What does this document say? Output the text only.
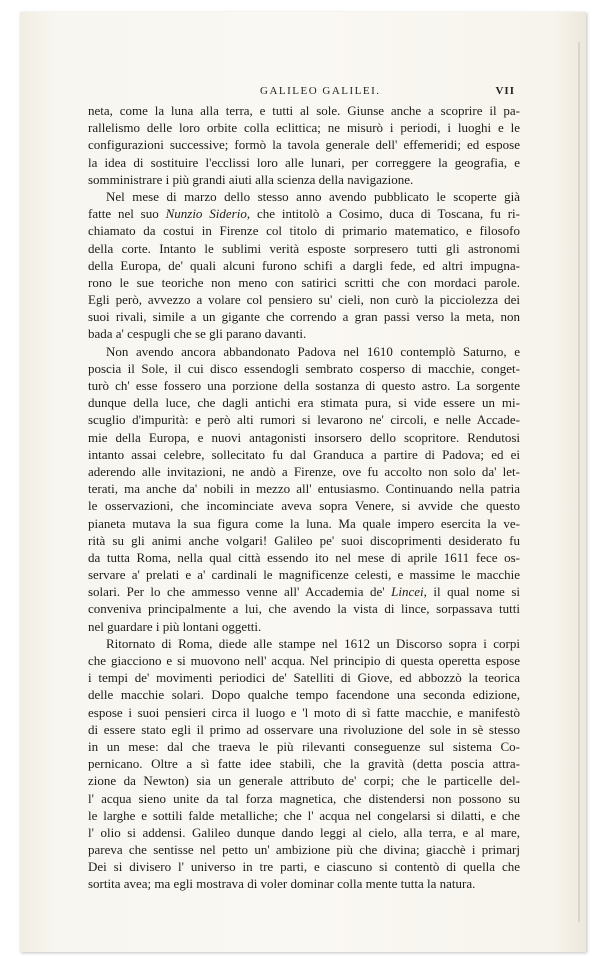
GALILEO GALILEI.	VII
neta, come la luna alla terra, e tutti al sole. Giunse anche a scoprire il pa-
rallelismo delle loro orbite colla eclittica; ne misurò i periodi, i luoghi e le
configurazioni successive; formò la tavola generale dell' effemeridi; ed espose
la idea di sostituire l'ecclissi loro alle lunari, per correggere la geografia, e
somministrare i più grandi aiuti alla scienza della navigazione.
Nel mese di marzo dello stesso anno avendo pubblicato le scoperte già
fatte nel suo Nunzio Siderio, che intitolò a Cosimo, duca di Toscana, fu ri-
chiamato da costui in Firenze col titolo di primario matematico, e filosofo
della corte. Intanto le sublimi verità esposte sorpresero tutti gli astronomi
della Europa, de' quali alcuni furono schifi a dargli fede, ed altri impugna-
rono le sue teoriche non meno con satirici scritti che con mordaci parole.
Egli però, avvezzo a volare col pensiero su' cieli, non curò la picciolezza dei
suoi rivali, simile a un gigante che correndo a gran passi verso la meta, non
bada a' cespugli che se gli parano davanti.
Non avendo ancora abbandonato Padova nel 1610 contemplò Saturno, e
poscia il Sole, il cui disco essendogli sembrato cosperso di macchie, conget-
turò ch' esse fossero una porzione della sostanza di questo astro. La sorgente
dunque della luce, che dagli antichi era stimata pura, si vide essere un mi-
scuglio d'impurità: e però alti rumori si levarono ne' circoli, e nelle Accade-
mie della Europa, e nuovi antagonisti insorsero dello scopritore. Rendutosi
intanto assai celebre, sollecitato fu dal Granduca a partire di Padova; ed ei
aderendo alle invitazioni, ne andò a Firenze, ove fu accolto non solo da' let-
terati, ma anche da' nobili in mezzo all' entusiasmo. Continuando nella patria
le osservazioni, che incominciate aveva sopra Venere, si avvide che questo
pianeta mutava la sua figura come la luna. Ma quale impero esercita la ve-
rità su gli animi anche volgari! Galileo pe' suoi discoprimenti desiderato fu
da tutta Roma, nella qual città essendo ito nel mese di aprile 1611 fece os-
servare a' prelati e a' cardinali le magnificenze celesti, e massime le macchie
solari. Per lo che ammesso venne all' Accademia de' Lincei, il qual nome si
conveniva principalmente a lui, che avendo la vista di lince, sorpassava tutti
nel guardare i più lontani oggetti.
Ritornato di Roma, diede alle stampe nel 1612 un Discorso sopra i corpi
che giacciono e si muovono nell' acqua. Nel principio di questa operetta espose
i tempi de' movimenti periodici de' Satelliti di Giove, ed abbozzò la teorica
delle macchie solari. Dopo qualche tempo facendone una seconda edizione,
espose i suoi pensieri circa il luogo e 'l moto di sì fatte macchie, e manifestò
di essere stato egli il primo ad osservare una rivoluzione del sole in sè stesso
in un mese: dal che traeva le più rilevanti conseguenze sul sistema Co-
pernicano. Oltre a sì fatte idee stabilì, che la gravità (detta poscia attra-
zione da Newton) sia un generale attributo de' corpi; che le particelle del-
l' acqua sieno unite da tal forza magnetica, che distendersi non possono su
le larghe e sottili falde metalliche; che l' acqua nel congelarsi si dilatti, e che
l' olio si addensi. Galileo dunque dando leggi al cielo, alla terra, e al mare,
pareva che sentisse nel petto un' ambizione più che divina; giacchè i primarj
Dei si divisero l' universo in tre parti, e ciascuno si contentò di quella che
sortita avea; ma egli mostrava di voler dominar colla mente tutta la natura.
